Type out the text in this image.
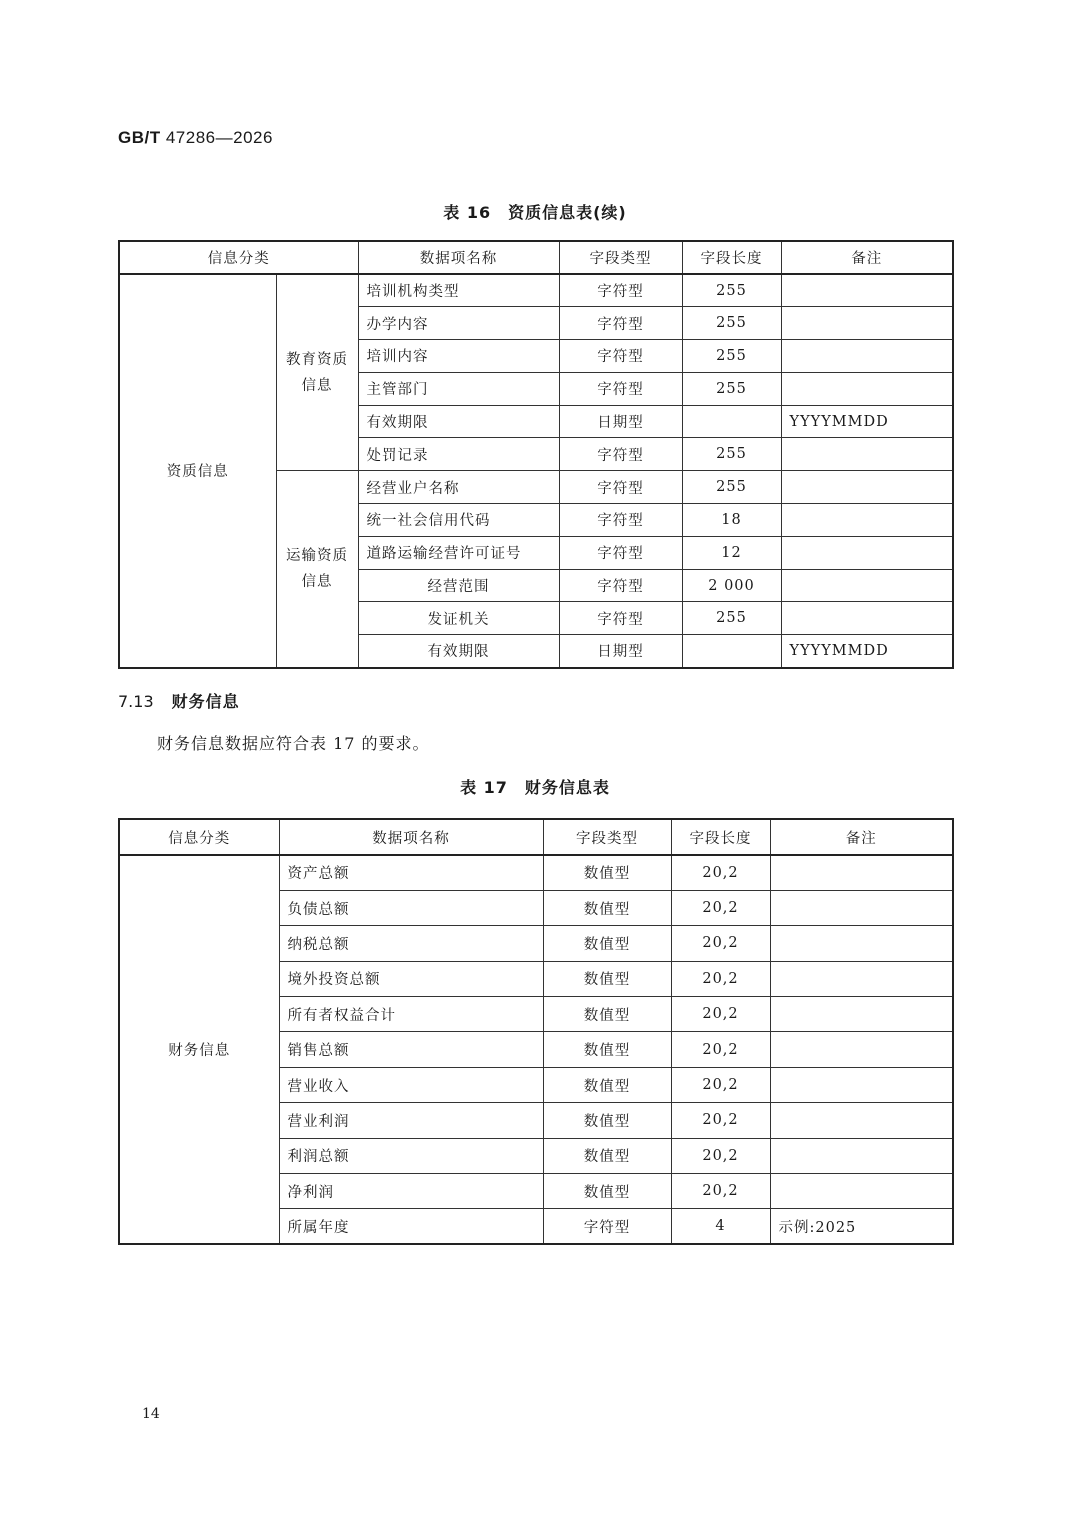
GB/T 47286—2026
表 16　资质信息表(续)
信息分类		数据项名称	字段类型	字段长度	备注
资质信息	教育资质信息	培训机构类型	字符型	255	
		办学内容	字符型	255	
		培训内容	字符型	255	
		主管部门	字符型	255	
		有效期限	日期型		YYYYMMDD
		处罚记录	字符型	255	
	运输资质信息	经营业户名称	字符型	255	
		统一社会信用代码	字符型	18	
		道路运输经营许可证号	字符型	12	
		经营范围	字符型	2 000	
		发证机关	字符型	255	
		有效期限	日期型		YYYYMMDD
7.13 财务信息
财务信息数据应符合表 17 的要求。
表 17　财务信息表
信息分类	数据项名称	字段类型	字段长度	备注
财务信息	资产总额	数值型	20,2	
	负债总额	数值型	20,2	
	纳税总额	数值型	20,2	
	境外投资总额	数值型	20,2	
	所有者权益合计	数值型	20,2	
	销售总额	数值型	20,2	
	营业收入	数值型	20,2	
	营业利润	数值型	20,2	
	利润总额	数值型	20,2	
	净利润	数值型	20,2	
	所属年度	字符型	4	示例:2025
14
